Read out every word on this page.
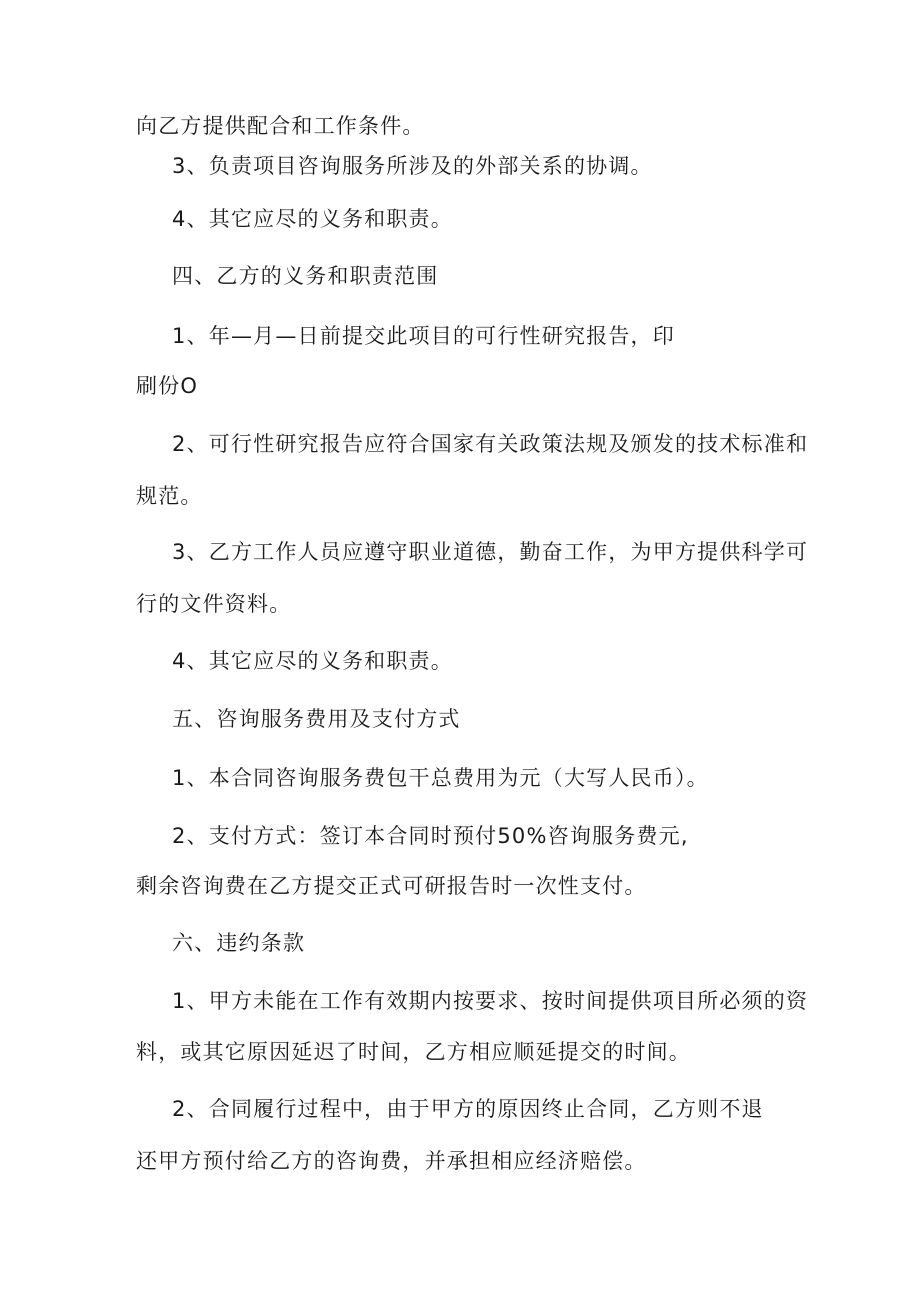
向乙方提供配合和工作条件。

3、负责项目咨询服务所涉及的外部关系的协调。

4、其它应尽的义务和职责。

四、乙方的义务和职责范围

1、年—月—日前提交此项目的可行性研究报告，印

刷份O

2、可行性研究报告应符合国家有关政策法规及颁发的技术标准和

规范。

3、乙方工作人员应遵守职业道德，勤奋工作，为甲方提供科学可

行的文件资料。

4、其它应尽的义务和职责。

五、咨询服务费用及支付方式

1、本合同咨询服务费包干总费用为元（大写人民币）。

2、支付方式：签订本合同时预付50%咨询服务费元,

剩余咨询费在乙方提交正式可研报告时一次性支付。

六、违约条款

1、甲方未能在工作有效期内按要求、按时间提供项目所必须的资

料，或其它原因延迟了时间，乙方相应顺延提交的时间。

2、合同履行过程中，由于甲方的原因终止合同，乙方则不退

还甲方预付给乙方的咨询费，并承担相应经济赔偿。
